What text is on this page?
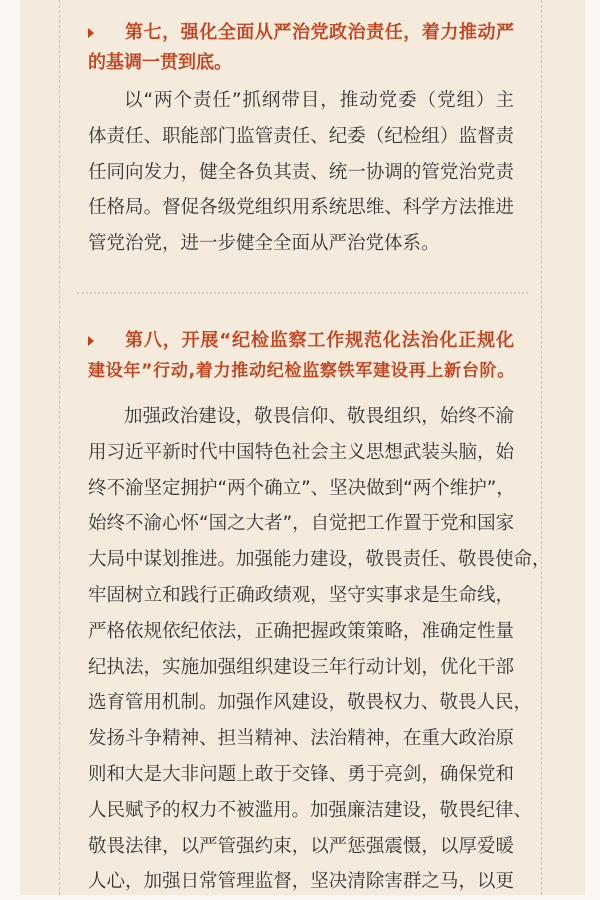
第七，强化全面从严治党政治责任，着力推动严
的基调一贯到底。
以“两个责任”抓纲带目，推动党委（党组）主
体责任、职能部门监管责任、纪委（纪检组）监督责
任同向发力，健全各负其责、统一协调的管党治党责
任格局。督促各级党组织用系统思维、科学方法推进
管党治党，进一步健全全面从严治党体系。
第八，开展“纪检监察工作规范化法治化正规化
建设年”行动,着力推动纪检监察铁军建设再上新台阶。
加强政治建设，敬畏信仰、敬畏组织，始终不渝
用习近平新时代中国特色社会主义思想武装头脑，始
终不渝坚定拥护“两个确立”、坚决做到“两个维护”，
始终不渝心怀“国之大者”，自觉把工作置于党和国家
大局中谋划推进。加强能力建设，敬畏责任、敬畏使命，
牢固树立和践行正确政绩观，坚守实事求是生命线，
严格依规依纪依法，正确把握政策策略，准确定性量
纪执法，实施加强组织建设三年行动计划，优化干部
选育管用机制。加强作风建设，敬畏权力、敬畏人民，
发扬斗争精神、担当精神、法治精神，在重大政治原
则和大是大非问题上敢于交锋、勇于亮剑，确保党和
人民赋予的权力不被滥用。加强廉洁建设，敬畏纪律、
敬畏法律，以严管强约束，以严惩强震慑，以厚爱暖
人心，加强日常管理监督，坚决清除害群之马，以更
